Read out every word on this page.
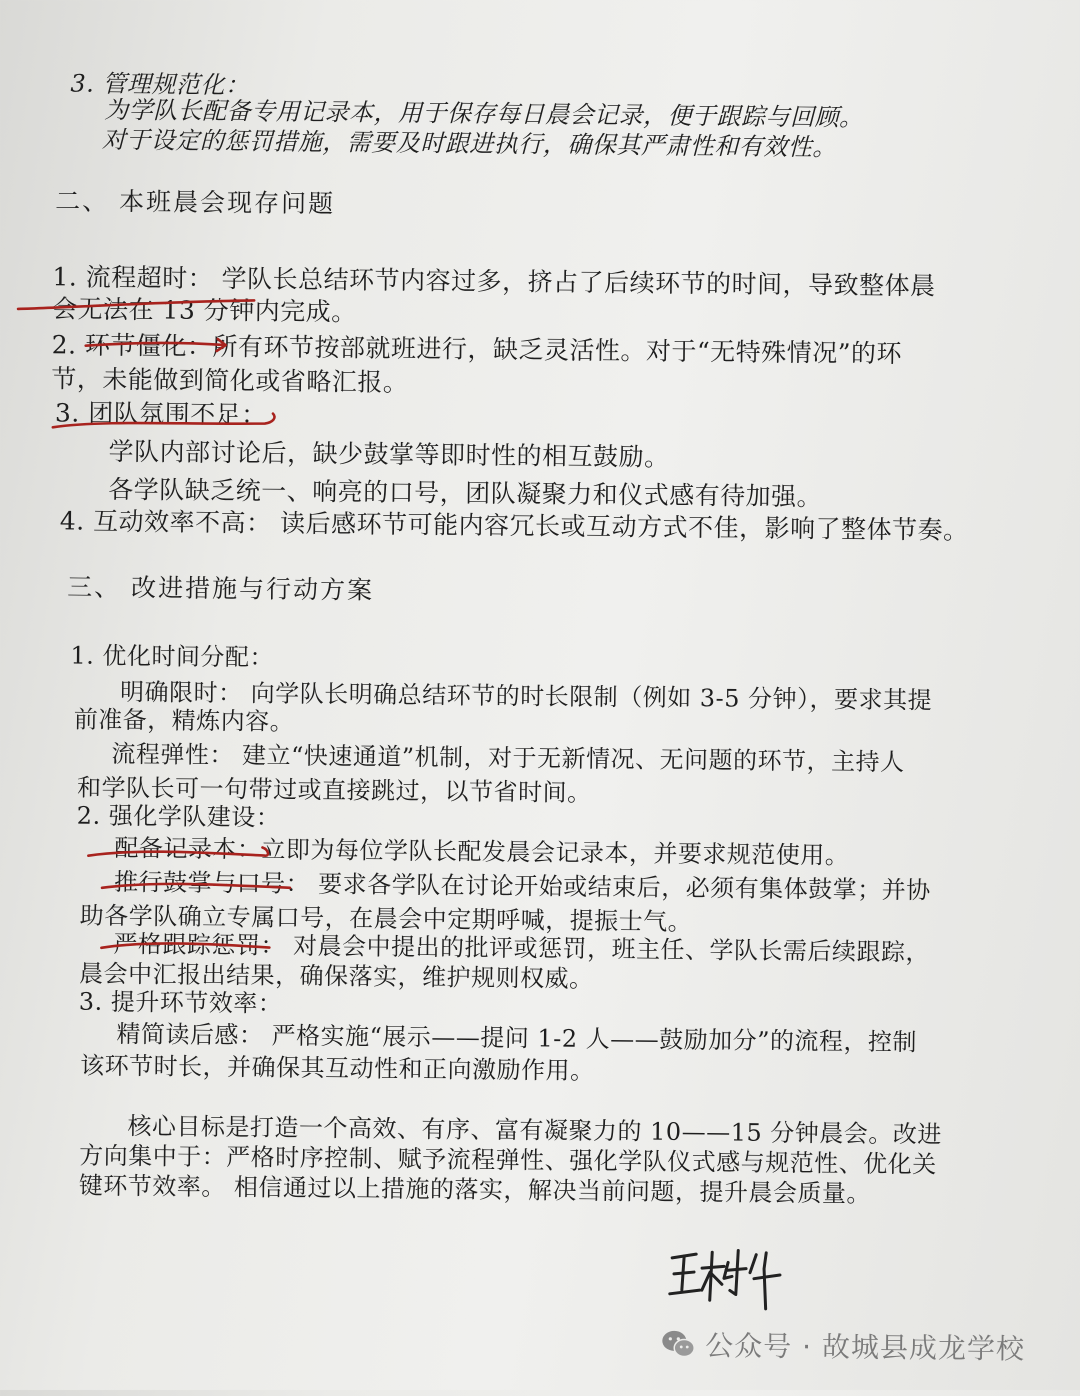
3. 管理规范化：
为学队长配备专用记录本，用于保存每日晨会记录，便于跟踪与回顾。
对于设定的惩罚措施，需要及时跟进执行，确保其严肃性和有效性。
二、 本班晨会现存问题
1. 流程超时： 学队长总结环节内容过多，挤占了后续环节的时间，导致整体晨
会无法在 13 分钟内完成。
2. 环节僵化：所有环节按部就班进行，缺乏灵活性。对于“无特殊情况”的环
节，未能做到简化或省略汇报。
3. 团队氛围不足：
学队内部讨论后，缺少鼓掌等即时性的相互鼓励。
各学队缺乏统一、响亮的口号，团队凝聚力和仪式感有待加强。
4. 互动效率不高： 读后感环节可能内容冗长或互动方式不佳，影响了整体节奏。
三、 改进措施与行动方案
1. 优化时间分配：
明确限时： 向学队长明确总结环节的时长限制（例如 3-5 分钟），要求其提
前准备，精炼内容。
流程弹性： 建立“快速通道”机制，对于无新情况、无问题的环节，主持人
和学队长可一句带过或直接跳过，以节省时间。
2. 强化学队建设：
配备记录本：立即为每位学队长配发晨会记录本，并要求规范使用。
推行鼓掌与口号： 要求各学队在讨论开始或结束后，必须有集体鼓掌；并协
助各学队确立专属口号，在晨会中定期呼喊，提振士气。
严格跟踪惩罚： 对晨会中提出的批评或惩罚，班主任、学队长需后续跟踪，
晨会中汇报出结果，确保落实，维护规则权威。
3. 提升环节效率：
精简读后感： 严格实施“展示——提问 1-2 人——鼓励加分”的流程，控制
该环节时长，并确保其互动性和正向激励作用。
核心目标是打造一个高效、有序、富有凝聚力的 10——15 分钟晨会。改进
方向集中于：严格时序控制、赋予流程弹性、强化学队仪式感与规范性、优化关
键环节效率。 相信通过以上措施的落实，解决当前问题，提升晨会质量。
公众号 · 故城县成龙学校
